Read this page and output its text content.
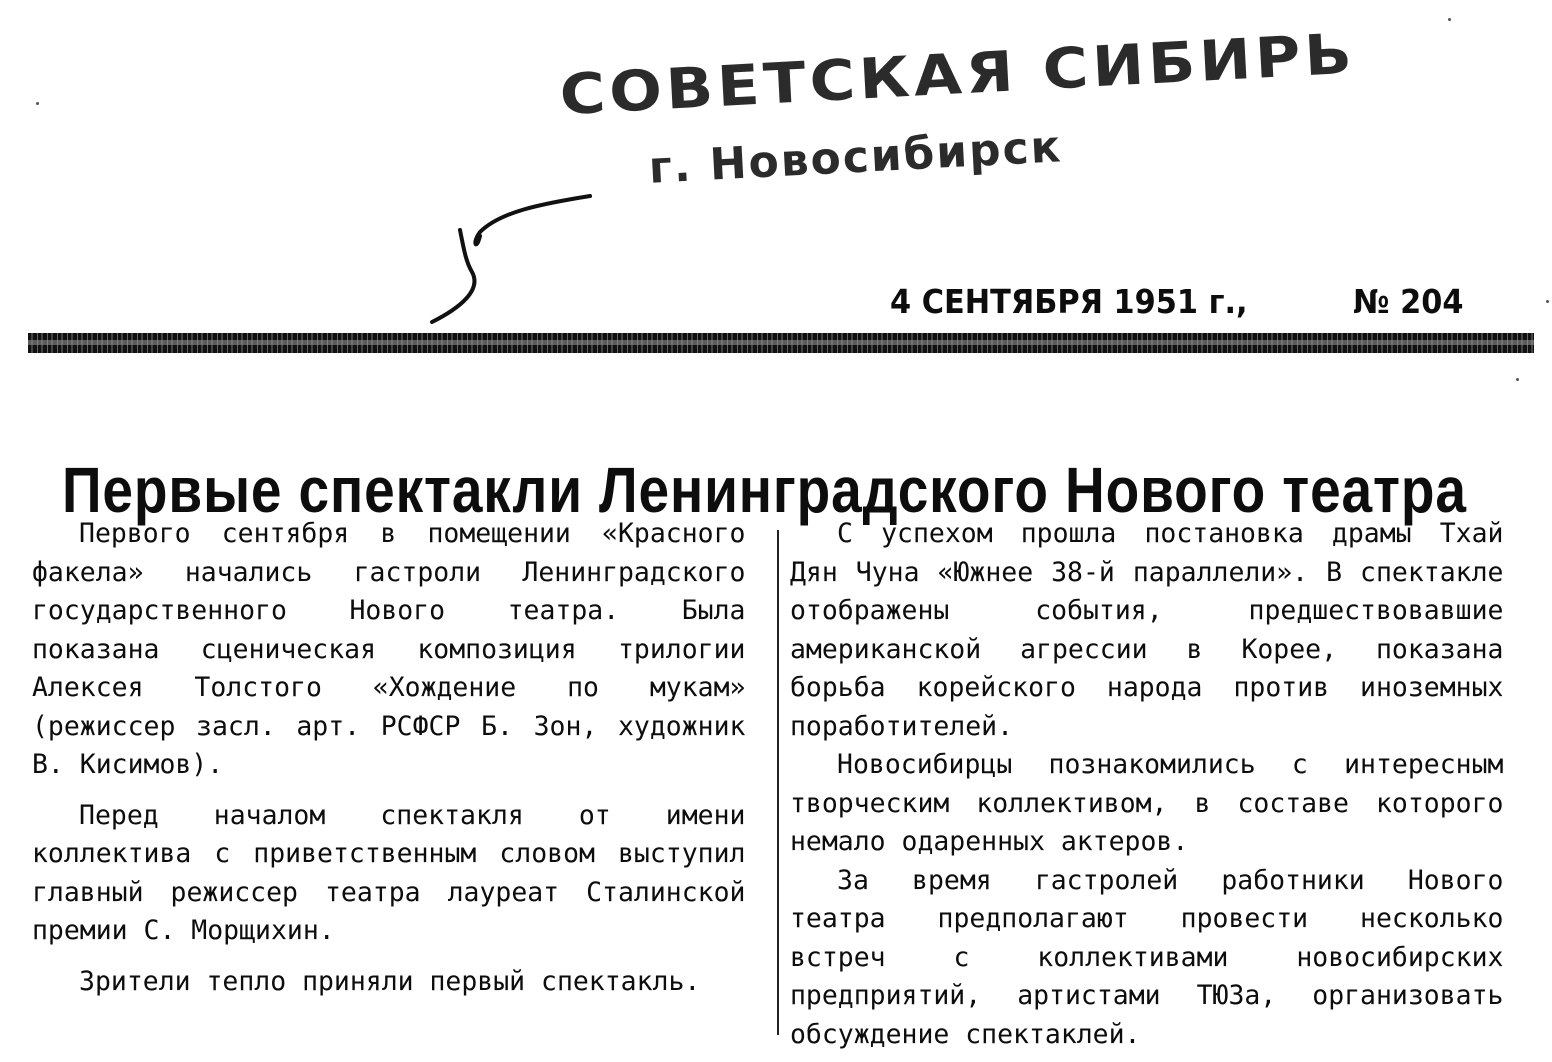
СОВЕТСКАЯ СИБИРЬ
г. Новосибирск
4 СЕНТЯБРЯ 1951 г.,	№ 204
Первые спектакли Ленинградского Нового театра

Первого сентября в помещении «Красного факела» начались гастроли Ленинградского государственного Нового театра. Была показана сценическая композиция трилогии Алексея Толстого «Хождение по мукам» (режиссер засл. арт. РСФСР Б. Зон, художник В. Кисимов).

Перед началом спектакля от имени коллектива с приветственным словом выступил главный режиссер театра лауреат Сталинской премии С. Морщихин.

Зрители тепло приняли первый спектакль.

С успехом прошла постановка драмы Тхай Дян Чуна «Южнее 38-й параллели». В спектакле отображены события, предшествовавшие американской агрессии в Корее, показана борьба корейского народа против иноземных поработителей.

Новосибирцы познакомились с интересным творческим коллективом, в составе которого немало одаренных актеров.

За время гастролей работники Нового театра предполагают провести несколько встреч с коллективами новосибирских предприятий, артистами ТЮЗа, организовать обсуждение спектаклей.
